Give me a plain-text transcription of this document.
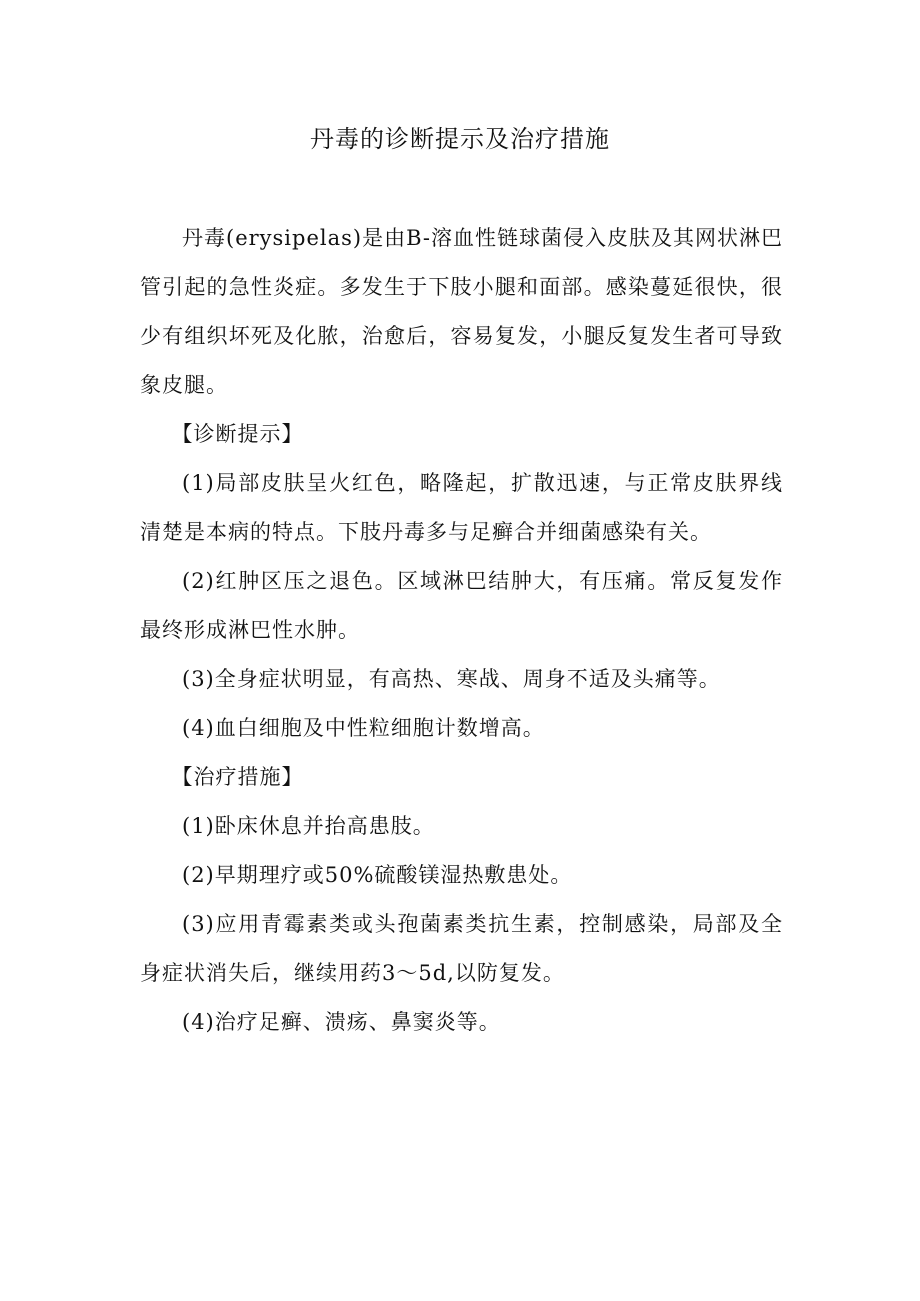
丹毒的诊断提示及治疗措施

丹毒(erysipelas)是由B-溶血性链球菌侵入皮肤及其网状淋巴管引起的急性炎症。多发生于下肢小腿和面部。感染蔓延很快，很少有组织坏死及化脓，治愈后，容易复发，小腿反复发生者可导致象皮腿。

【诊断提示】

(1)局部皮肤呈火红色，略隆起，扩散迅速，与正常皮肤界线清楚是本病的特点。下肢丹毒多与足癣合并细菌感染有关。

(2)红肿区压之退色。区域淋巴结肿大，有压痛。常反复发作最终形成淋巴性水肿。

(3)全身症状明显，有高热、寒战、周身不适及头痛等。

(4)血白细胞及中性粒细胞计数增高。

【治疗措施】

(1)卧床休息并抬高患肢。

(2)早期理疗或50%硫酸镁湿热敷患处。

(3)应用青霉素类或头孢菌素类抗生素，控制感染，局部及全身症状消失后，继续用药3～5d,以防复发。

(4)治疗足癣、溃疡、鼻窦炎等。
